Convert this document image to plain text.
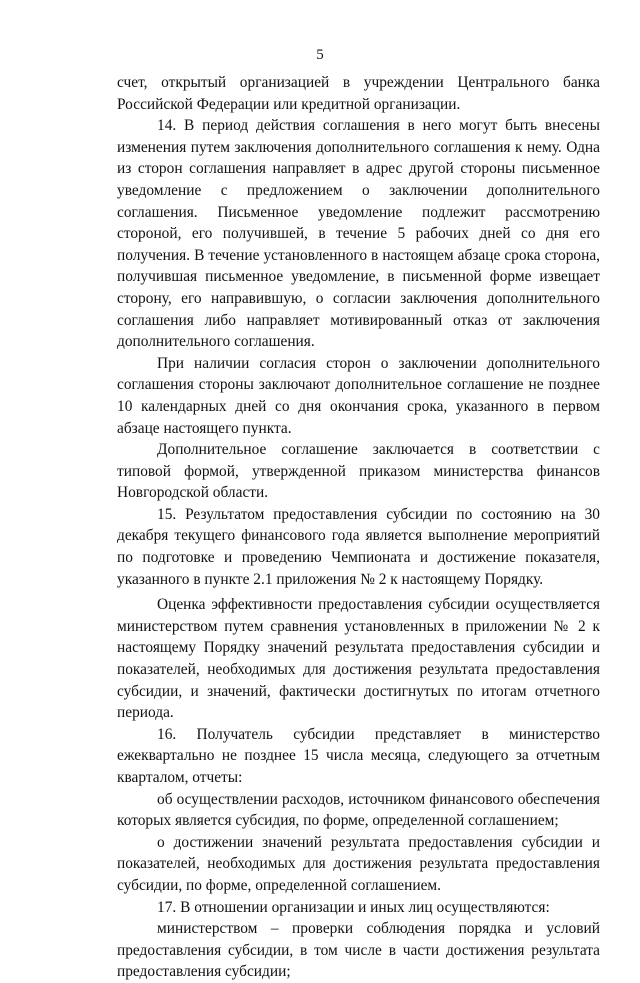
5

счет, открытый организацией в учреждении Центрального банка Российской Федерации или кредитной организации.

14. В период действия соглашения в него могут быть внесены изменения путем заключения дополнительного соглашения к нему. Одна из сторон соглашения направляет в адрес другой стороны письменное уведомление с предложением о заключении дополнительного соглашения. Письменное уведомление подлежит рассмотрению стороной, его получившей, в течение 5 рабочих дней со дня его получения. В течение установленного в настоящем абзаце срока сторона, получившая письменное уведомление, в письменной форме извещает сторону, его направившую, о согласии заключения дополнительного соглашения либо направляет мотивированный отказ от заключения дополнительного соглашения.

При наличии согласия сторон о заключении дополнительного соглашения стороны заключают дополнительное соглашение не позднее 10 календарных дней со дня окончания срока, указанного в первом абзаце настоящего пункта.

Дополнительное соглашение заключается в соответствии с типовой формой, утвержденной приказом министерства финансов Новгородской области.

15. Результатом предоставления субсидии по состоянию на 30 декабря текущего финансового года является выполнение мероприятий по подготовке и проведению Чемпионата и достижение показателя, указанного в пункте 2.1 приложения № 2 к настоящему Порядку.

Оценка эффективности предоставления субсидии осуществляется министерством путем сравнения установленных в приложении № 2 к настоящему Порядку значений результата предоставления субсидии и показателей, необходимых для достижения результата предоставления субсидии, и значений, фактически достигнутых по итогам отчетного периода.

16. Получатель субсидии представляет в министерство ежеквартально не позднее 15 числа месяца, следующего за отчетным кварталом, отчеты:

об осуществлении расходов, источником финансового обеспечения которых является субсидия, по форме, определенной соглашением;

о достижении значений результата предоставления субсидии и показателей, необходимых для достижения результата предоставления субсидии, по форме, определенной соглашением.

17. В отношении организации и иных лиц осуществляются:

министерством – проверки соблюдения порядка и условий предоставления субсидии, в том числе в части достижения результата предоставления субсидии;
